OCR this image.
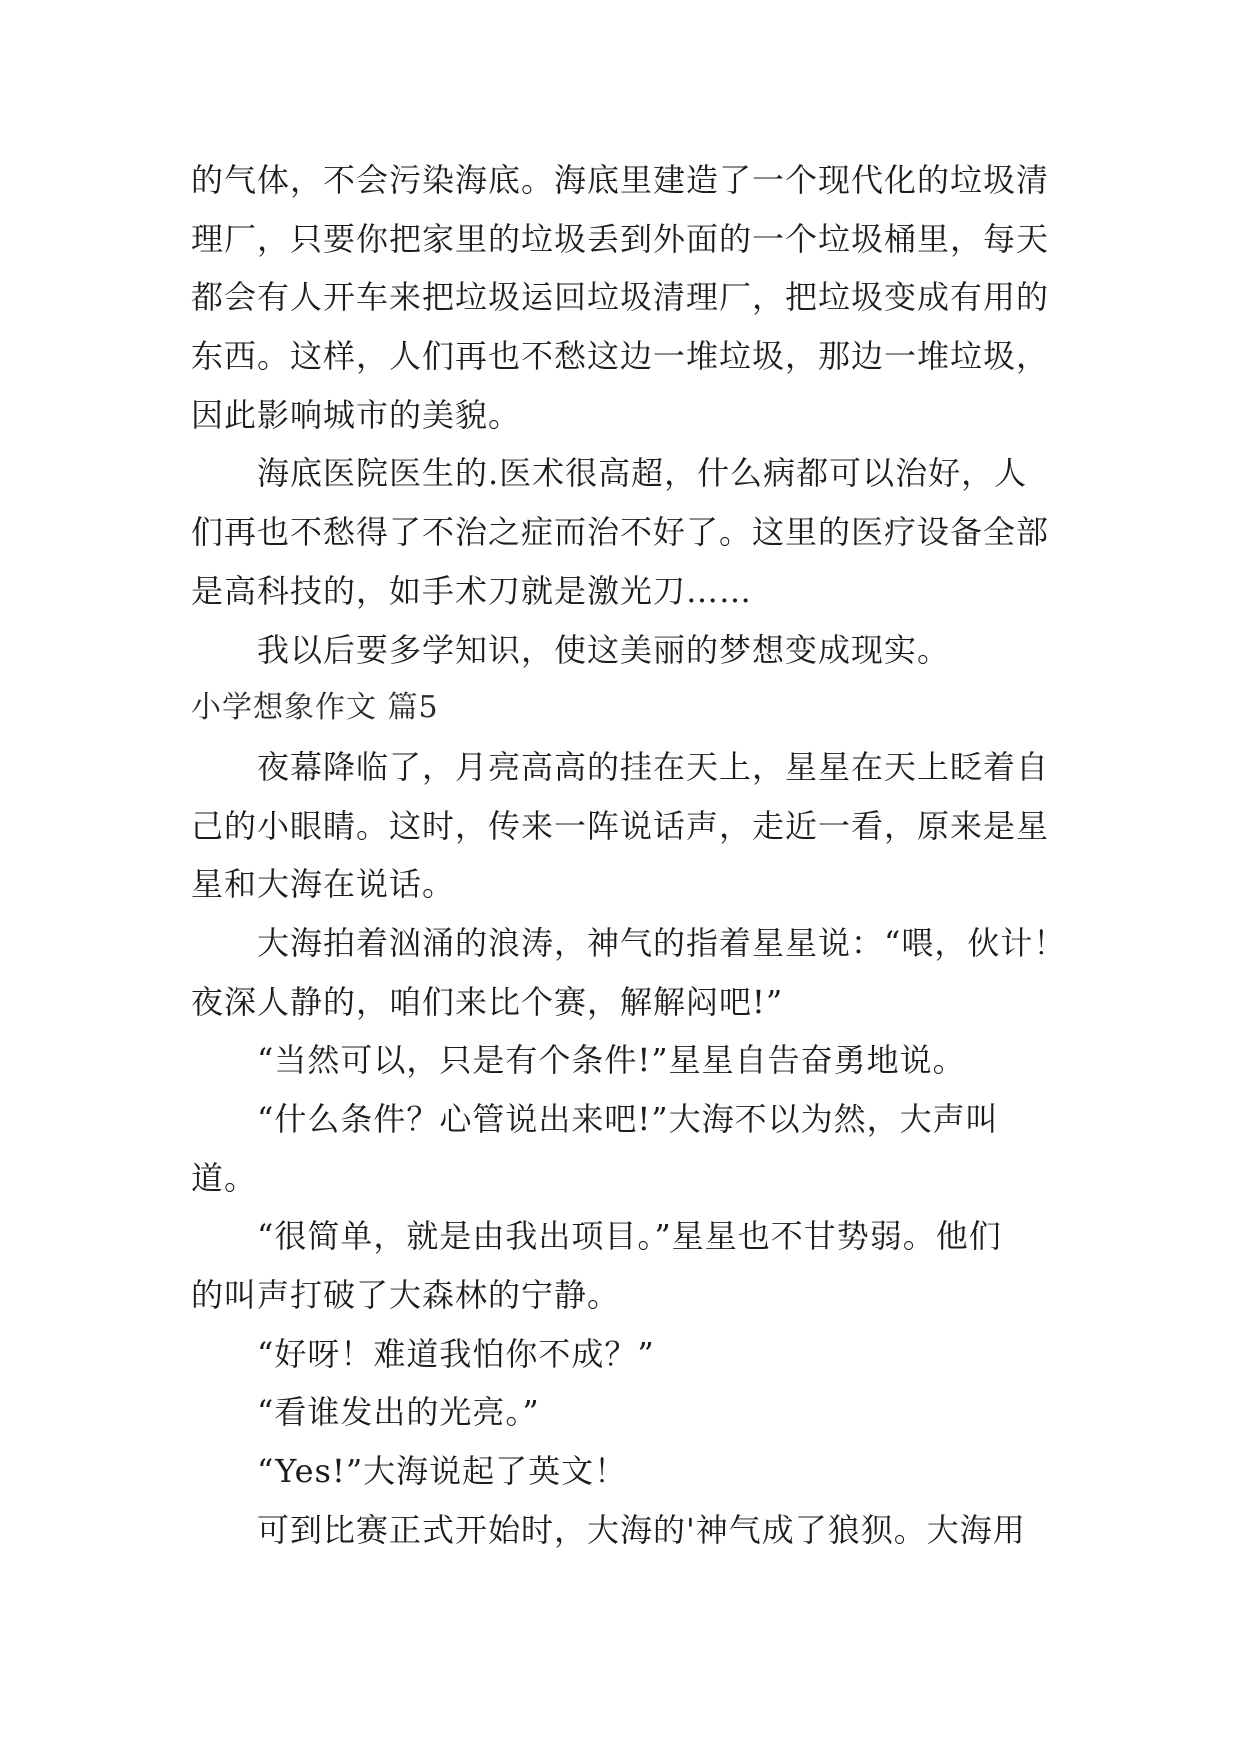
的气体，不会污染海底。海底里建造了一个现代化的垃圾清
理厂，只要你把家里的垃圾丢到外面的一个垃圾桶里，每天
都会有人开车来把垃圾运回垃圾清理厂，把垃圾变成有用的
东西。这样，人们再也不愁这边一堆垃圾，那边一堆垃圾，
因此影响城市的美貌。
海底医院医生的.医术很高超，什么病都可以治好，人
们再也不愁得了不治之症而治不好了。这里的医疗设备全部
是高科技的，如手术刀就是激光刀……
我以后要多学知识，使这美丽的梦想变成现实。
小学想象作文 篇5
夜幕降临了，月亮高高的挂在天上，星星在天上眨着自
己的小眼睛。这时，传来一阵说话声，走近一看，原来是星
星和大海在说话。
大海拍着汹涌的浪涛，神气的指着星星说：“喂，伙计！
夜深人静的，咱们来比个赛，解解闷吧!”
“当然可以，只是有个条件!”星星自告奋勇地说。
“什么条件？心管说出来吧!”大海不以为然，大声叫
道。
“很简单，就是由我出项目。”星星也不甘势弱。他们
的叫声打破了大森林的宁静。
“好呀！难道我怕你不成？”
“看谁发出的光亮。”
“Yes!”大海说起了英文！
可到比赛正式开始时，大海的'神气成了狼狈。大海用
